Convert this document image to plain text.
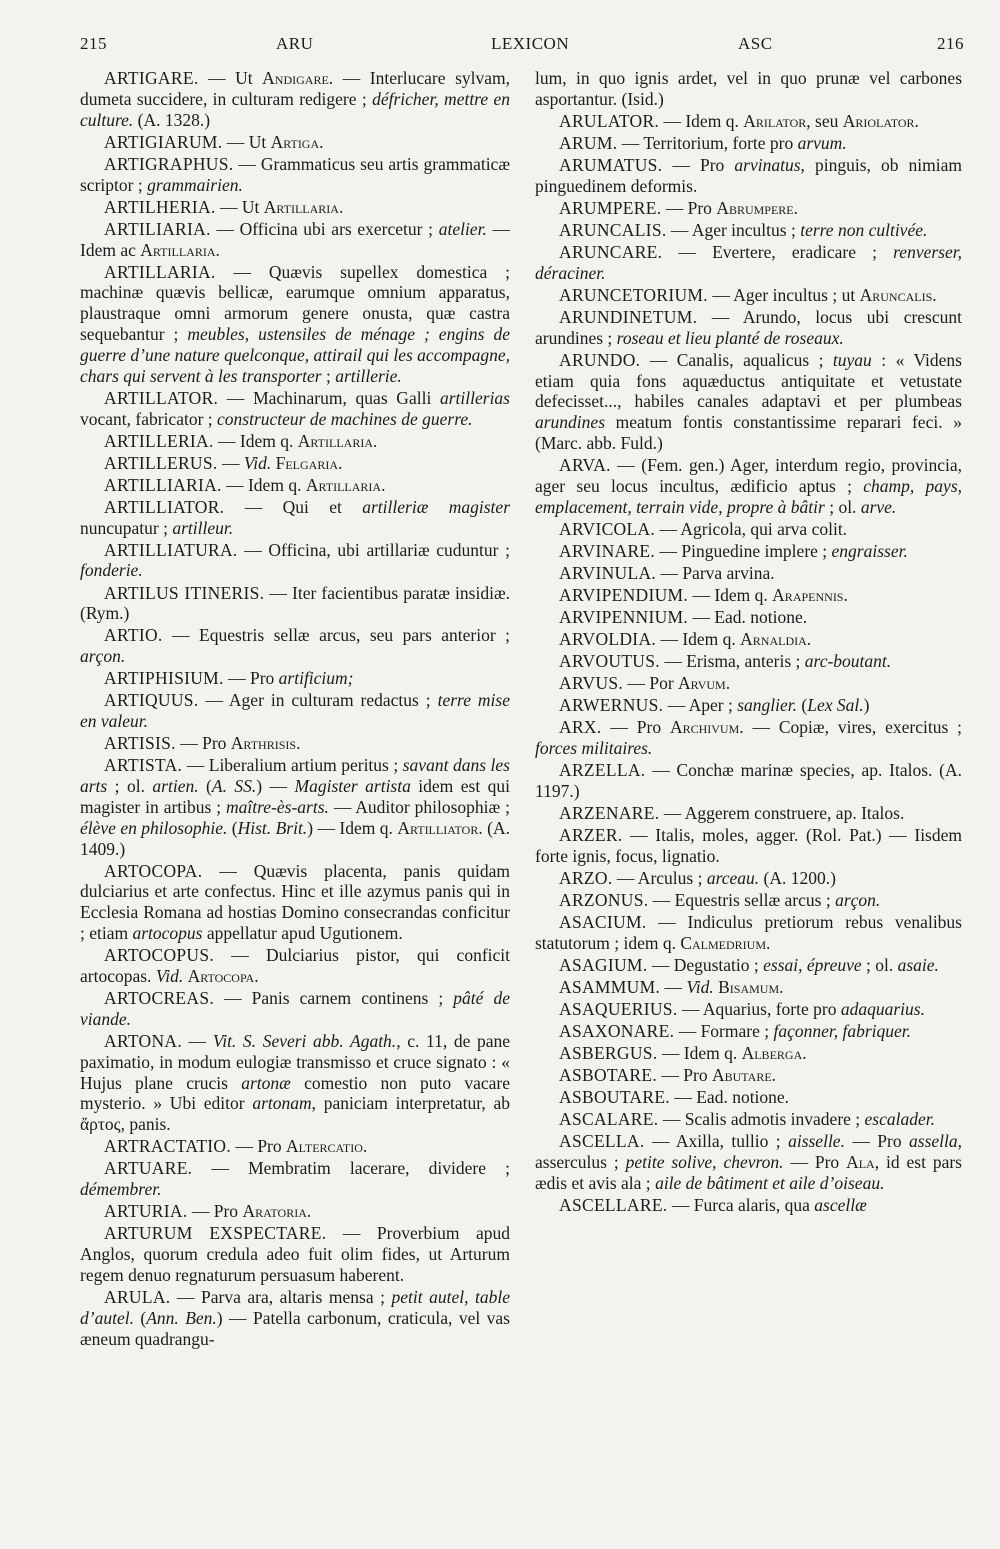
215	ARU	LEXICON	ASC	216

ARTIGARE. — Ut Andigare. — Interlucare sylvam, dumeta succidere, in culturam redigere ; défricher, mettre en culture. (A. 1328.)

ARTIGIARUM. — Ut Artiga.

ARTIGRAPHUS. — Grammaticus seu artis grammaticæ scriptor ; grammairien.

ARTILHERIA. — Ut Artillaria.

ARTILIARIA. — Officina ubi ars exercetur ; atelier. — Idem ac Artillaria.

ARTILLARIA. — Quævis supellex domestica ; machinæ quævis bellicæ, earumque omnium apparatus, plaustraque omni armorum genere onusta, quæ castra sequebantur ; meubles, ustensiles de ménage ; engins de guerre d’une nature quelconque, attirail qui les accompagne, chars qui servent à les transporter ; artillerie.

ARTILLATOR. — Machinarum, quas Galli artillerias vocant, fabricator ; constructeur de machines de guerre.

ARTILLERIA. — Idem q. Artillaria.

ARTILLERUS. — Vid. Felgaria.

ARTILLIARIA. — Idem q. Artillaria.

ARTILLIATOR. — Qui et artilleriæ magister nuncupatur ; artilleur.

ARTILLIATURA. — Officina, ubi artillariæ cuduntur ; fonderie.

ARTILUS ITINERIS. — Iter facientibus paratæ insidiæ. (Rym.)

ARTIO. — Equestris sellæ arcus, seu pars anterior ; arçon.

ARTIPHISIUM. — Pro artificium;

ARTIQUUS. — Ager in culturam redactus ; terre mise en valeur.

ARTISIS. — Pro Arthrisis.

ARTISTA. — Liberalium artium peritus ; savant dans les arts ; ol. artien. (A. SS.) — Magister artista idem est qui magister in artibus ; maître-ès-arts. — Auditor philosophiæ ; élève en philosophie. (Hist. Brit.) — Idem q. Artilliator. (A. 1409.)

ARTOCOPA. — Quævis placenta, panis quidam dulciarius et arte confectus. Hinc et ille azymus panis qui in Ecclesia Romana ad hostias Domino consecrandas conficitur ; etiam artocopus appellatur apud Ugutionem.

ARTOCOPUS. — Dulciarius pistor, qui conficit artocopas. Vid. Artocopa.

ARTOCREAS. — Panis carnem continens ; pâté de viande.

ARTONA. — Vit. S. Severi abb. Agath., c. 11, de pane paximatio, in modum eulogiæ transmisso et cruce signato : « Hujus plane crucis artonæ comestio non puto vacare mysterio. » Ubi editor artonam, paniciam interpretatur, ab ἄρτος, panis.

ARTRACTATIO. — Pro Altercatio.

ARTUARE. — Membratim lacerare, dividere ; démembrer.

ARTURIA. — Pro Aratoria.

ARTURUM EXSPECTARE. — Proverbium apud Anglos, quorum credula adeo fuit olim fides, ut Arturum regem denuo regnaturum persuasum haberent.

ARULA. — Parva ara, altaris mensa ; petit autel, table d’autel. (Ann. Ben.) — Patella carbonum, craticula, vel vas æneum quadrangu-

lum, in quo ignis ardet, vel in quo prunæ vel carbones asportantur. (Isid.)

ARULATOR. — Idem q. Arilator, seu Ariolator.

ARUM. — Territorium, forte pro arvum.

ARUMATUS. — Pro arvinatus, pinguis, ob nimiam pinguedinem deformis.

ARUMPERE. — Pro Abrumpere.

ARUNCALIS. — Ager incultus ; terre non cultivée.

ARUNCARE. — Evertere, eradicare ; renverser, déraciner.

ARUNCETORIUM. — Ager incultus ; ut Aruncalis.

ARUNDINETUM. — Arundo, locus ubi crescunt arundines ; roseau et lieu planté de roseaux.

ARUNDO. — Canalis, aqualicus ; tuyau : « Videns etiam quia fons aquæductus antiquitate et vetustate defecisset..., habiles canales adaptavi et per plumbeas arundines meatum fontis constantissime reparari feci. » (Marc. abb. Fuld.)

ARVA. — (Fem. gen.) Ager, interdum regio, provincia, ager seu locus incultus, ædificio aptus ; champ, pays, emplacement, terrain vide, propre à bâtir ; ol. arve.

ARVICOLA. — Agricola, qui arva colit.

ARVINARE. — Pinguedine implere ; engraisser.

ARVINULA. — Parva arvina.

ARVIPENDIUM. — Idem q. Arapennis.

ARVIPENNIUM. — Ead. notione.

ARVOLDIA. — Idem q. Arnaldia.

ARVOUTUS. — Erisma, anteris ; arc-boutant.

ARVUS. — Por Arvum.

ARWERNUS. — Aper ; sanglier. (Lex Sal.)

ARX. — Pro Archivum. — Copiæ, vires, exercitus ; forces militaires.

ARZELLA. — Conchæ marinæ species, ap. Italos. (A. 1197.)

ARZENARE. — Aggerem construere, ap. Italos.

ARZER. — Italis, moles, agger. (Rol. Pat.) — Iisdem forte ignis, focus, lignatio.

ARZO. — Arculus ; arceau. (A. 1200.)

ARZONUS. — Equestris sellæ arcus ; arçon.

ASACIUM. — Indiculus pretiorum rebus venalibus statutorum ; idem q. Calmedrium.

ASAGIUM. — Degustatio ; essai, épreuve ; ol. asaie.

ASAMMUM. — Vid. Bisamum.

ASAQUERIUS. — Aquarius, forte pro adaquarius.

ASAXONARE. — Formare ; façonner, fabriquer.

ASBERGUS. — Idem q. Alberga.

ASBOTARE. — Pro Abutare.

ASBOUTARE. — Ead. notione.

ASCALARE. — Scalis admotis invadere ; escalader.

ASCELLA. — Axilla, tullio ; aisselle. — Pro assella, asserculus ; petite solive, chevron. — Pro Ala, id est pars ædis et avis ala ; aile de bâtiment et aile d’oiseau.

ASCELLARE. — Furca alaris, qua ascellæ
